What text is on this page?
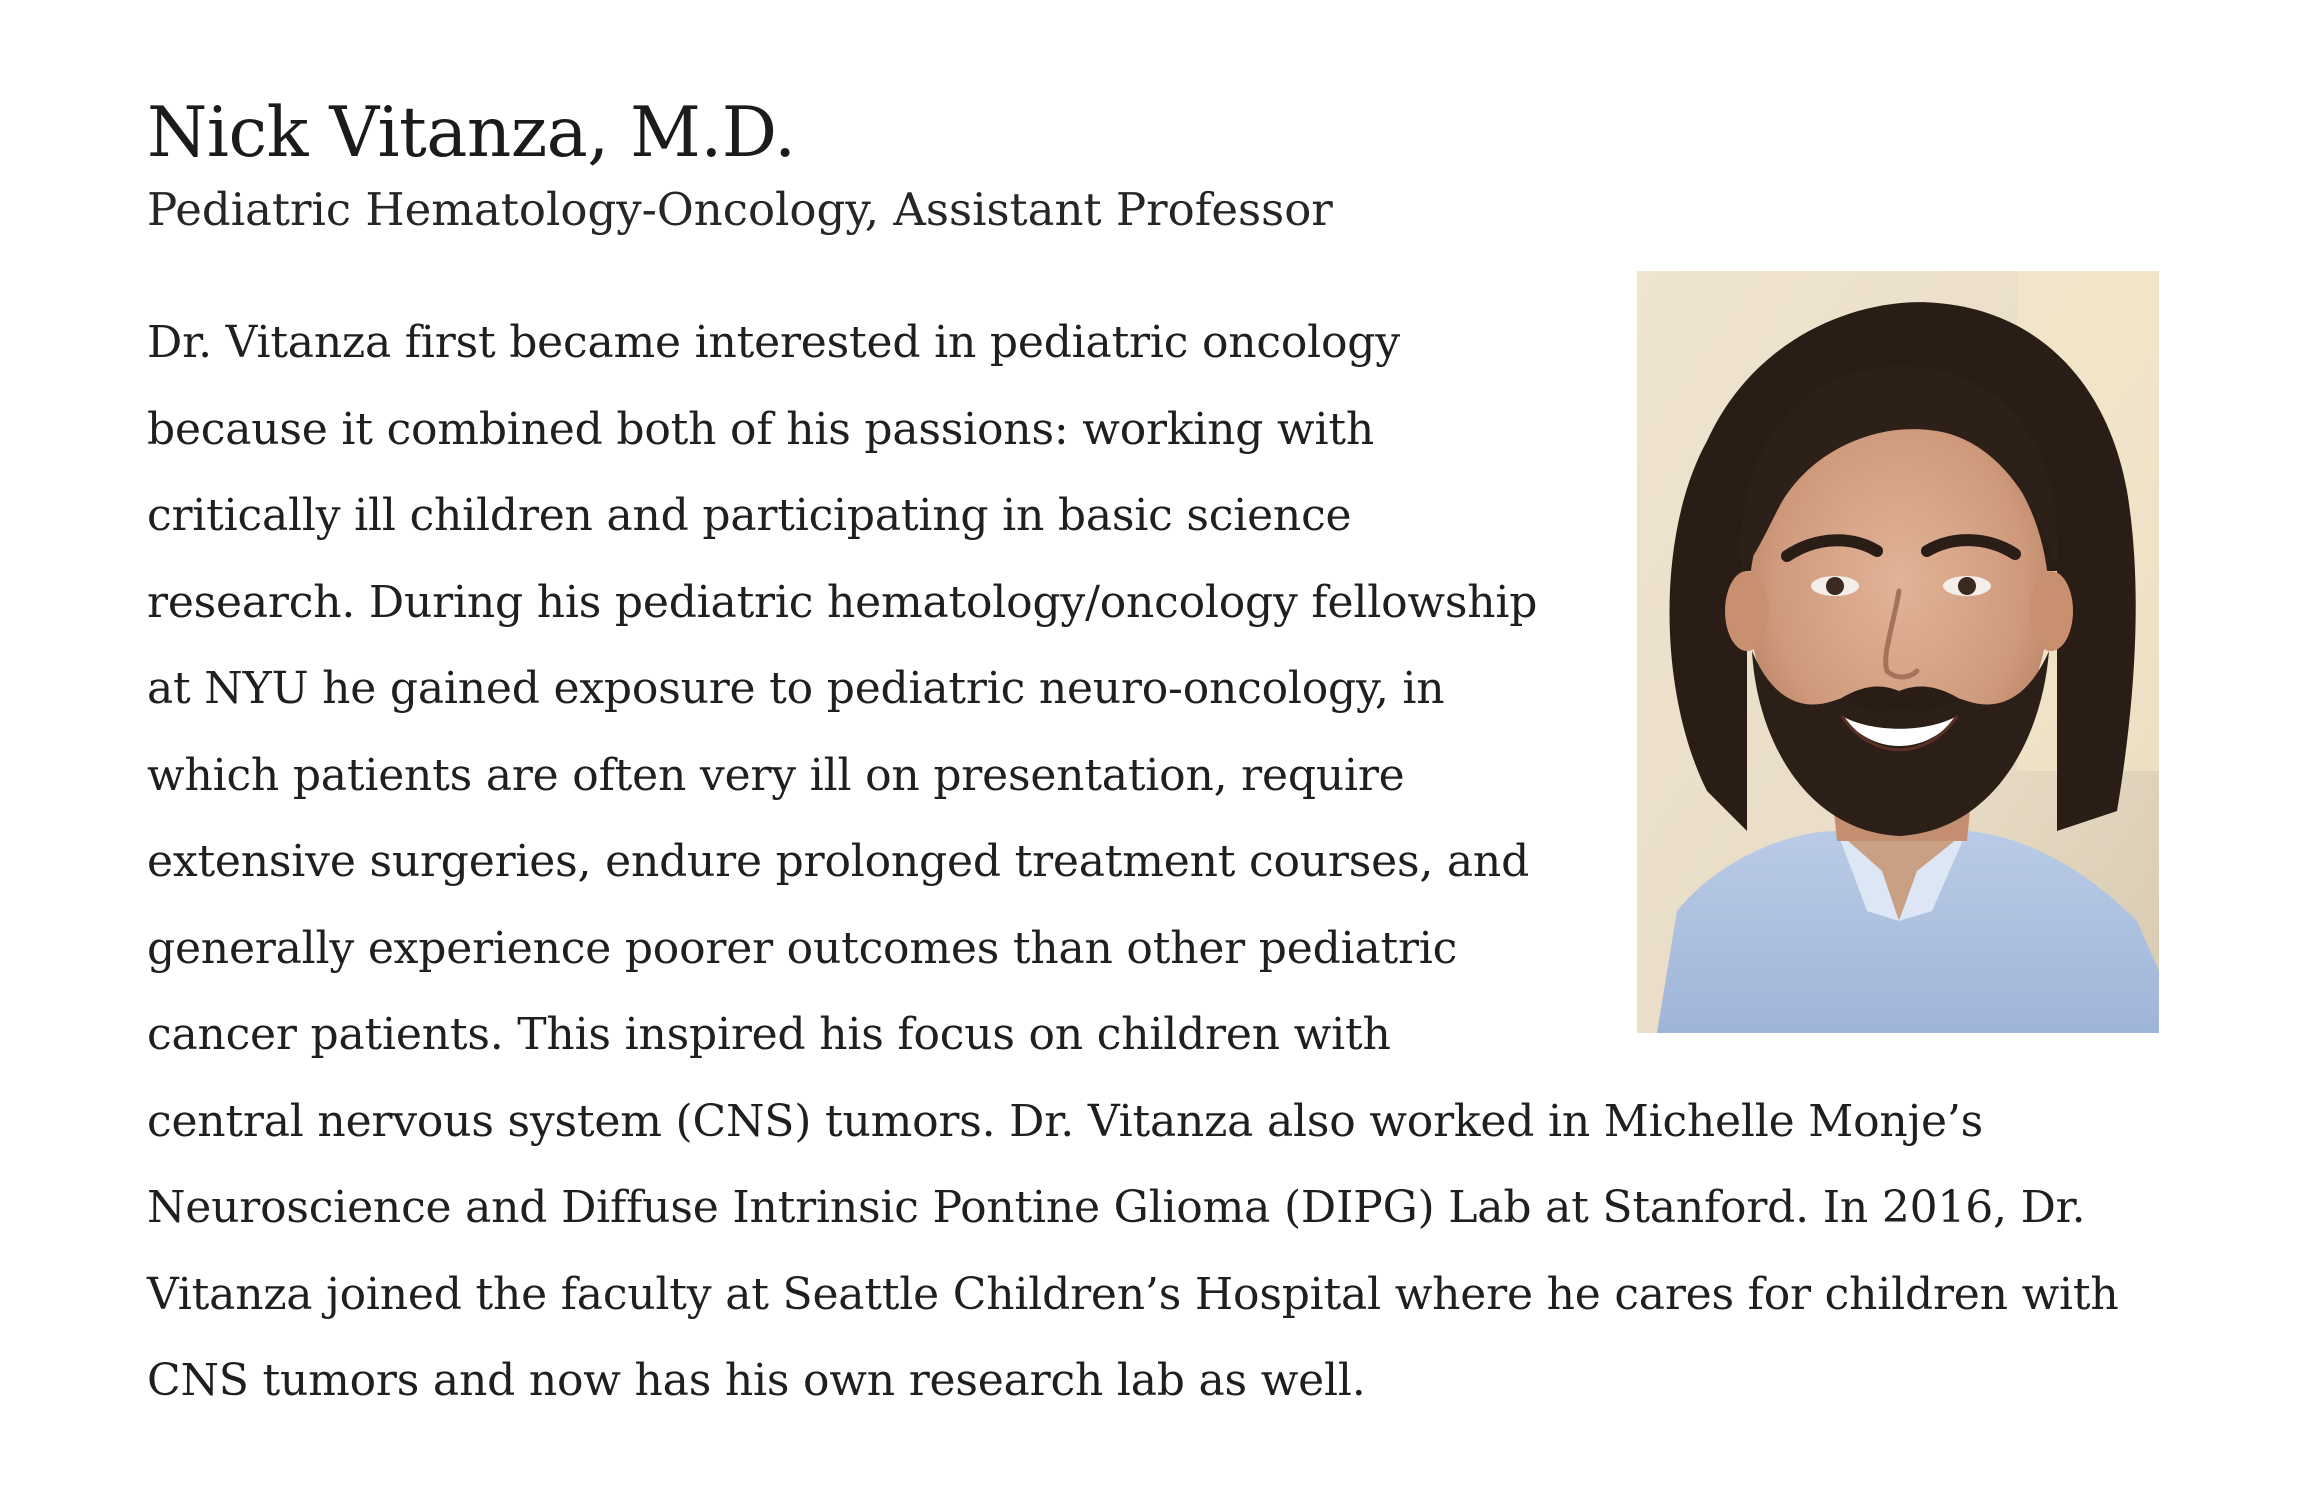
Nick Vitanza, M.D.

Pediatric Hematology-Oncology, Assistant Professor

Dr. Vitanza first became interested in pediatric oncology because it combined both of his passions: working with critically ill children and participating in basic science research. During his pediatric hematology/oncology fellowship at NYU he gained exposure to pediatric neuro-oncology, in which patients are often very ill on presentation, require extensive surgeries, endure prolonged treatment courses, and generally experience poorer outcomes than other pediatric cancer patients. This inspired his focus on children with central nervous system (CNS) tumors. Dr. Vitanza also worked in Michelle Monje’s Neuroscience and Diffuse Intrinsic Pontine Glioma (DIPG) Lab at Stanford. In 2016, Dr. Vitanza joined the faculty at Seattle Children’s Hospital where he cares for children with CNS tumors and now has his own research lab as well.
